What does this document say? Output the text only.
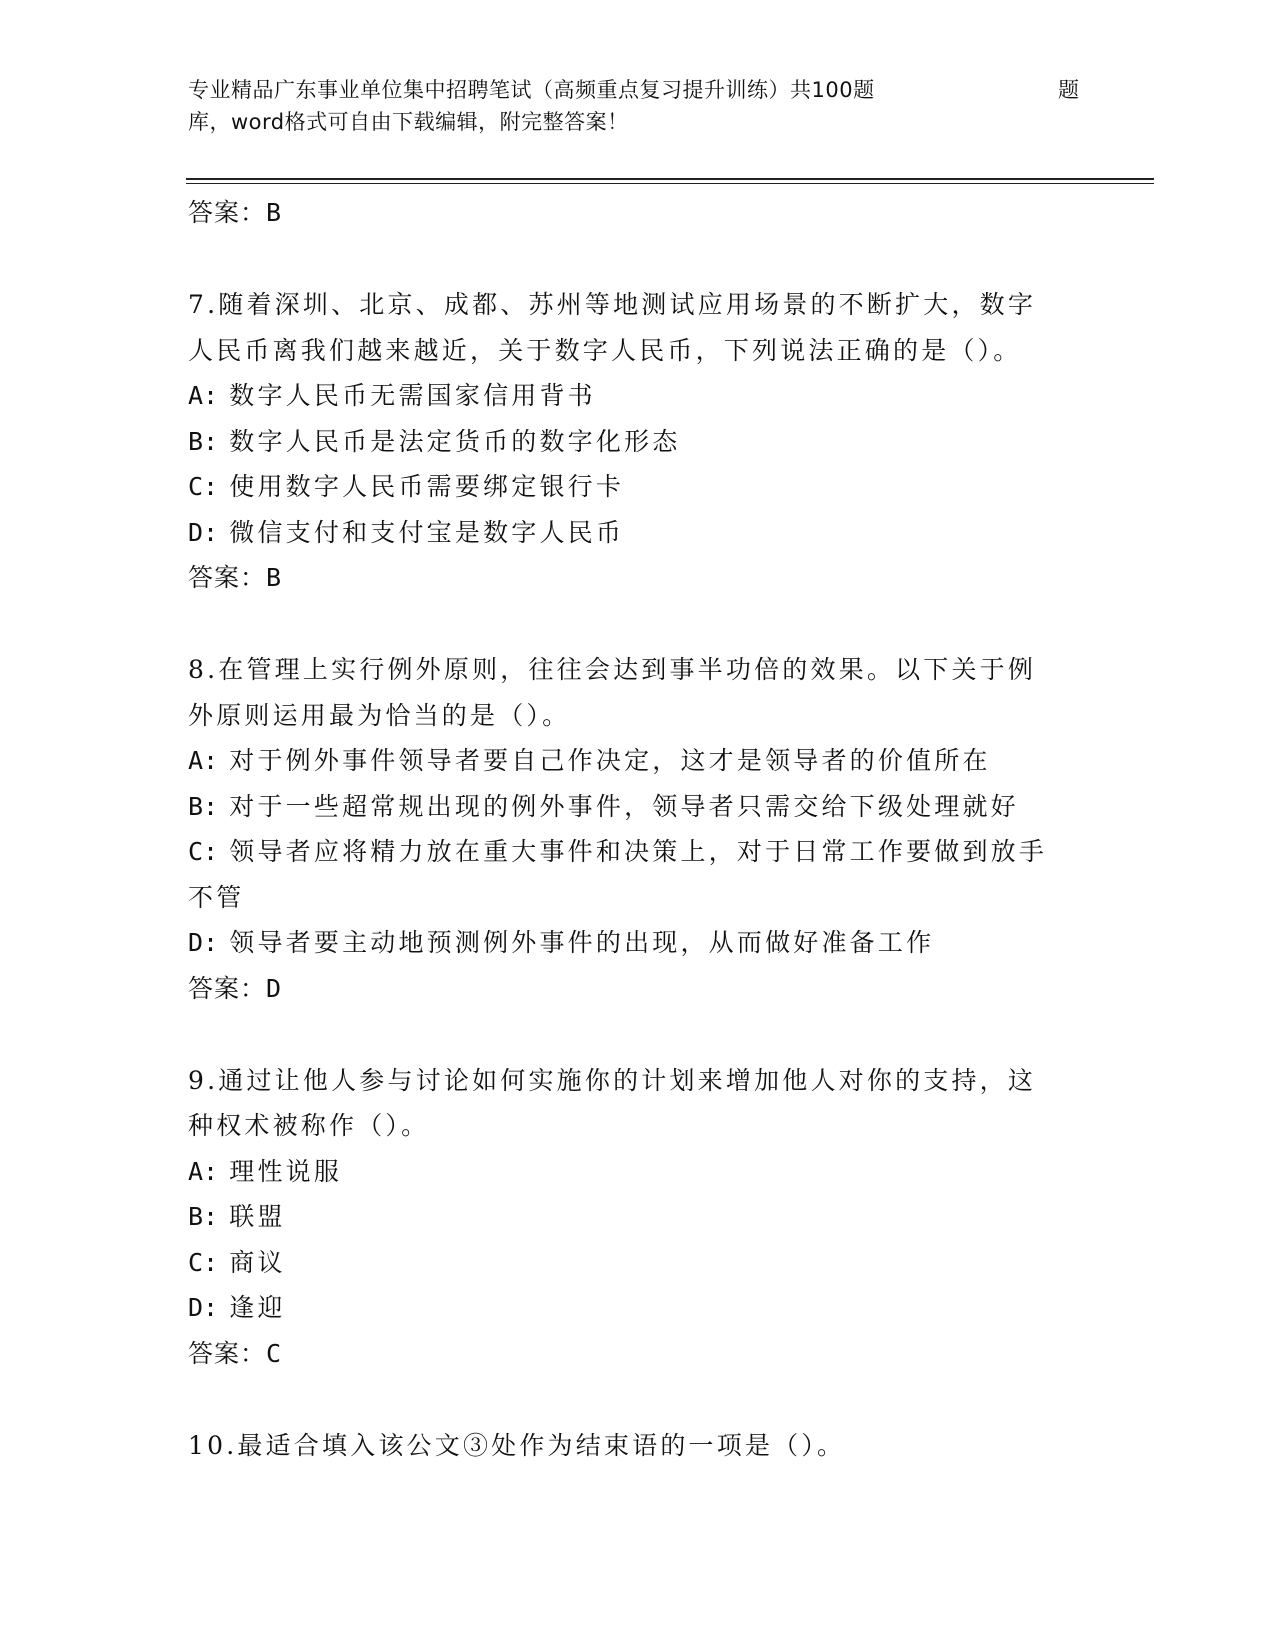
专业精品广东事业单位集中招聘笔试（高频重点复习提升训练）共100题	题
库，word格式可自由下载编辑，附完整答案！
答案：B

7.随着深圳、北京、成都、苏州等地测试应用场景的不断扩大，数字

人民币离我们越来越近，关于数字人民币，下列说法正确的是（）。

A: 数字人民币无需国家信用背书

B: 数字人民币是法定货币的数字化形态

C: 使用数字人民币需要绑定银行卡

D: 微信支付和支付宝是数字人民币

答案：B

8.在管理上实行例外原则，往往会达到事半功倍的效果。以下关于例

外原则运用最为恰当的是（）。

A: 对于例外事件领导者要自己作决定，这才是领导者的价值所在

B: 对于一些超常规出现的例外事件，领导者只需交给下级处理就好

C: 领导者应将精力放在重大事件和决策上，对于日常工作要做到放手

不管

D: 领导者要主动地预测例外事件的出现，从而做好准备工作

答案：D

9.通过让他人参与讨论如何实施你的计划来增加他人对你的支持，这

种权术被称作（）。

A: 理性说服

B: 联盟

C: 商议

D: 逢迎

答案：C

10.最适合填入该公文③处作为结束语的一项是（）。
